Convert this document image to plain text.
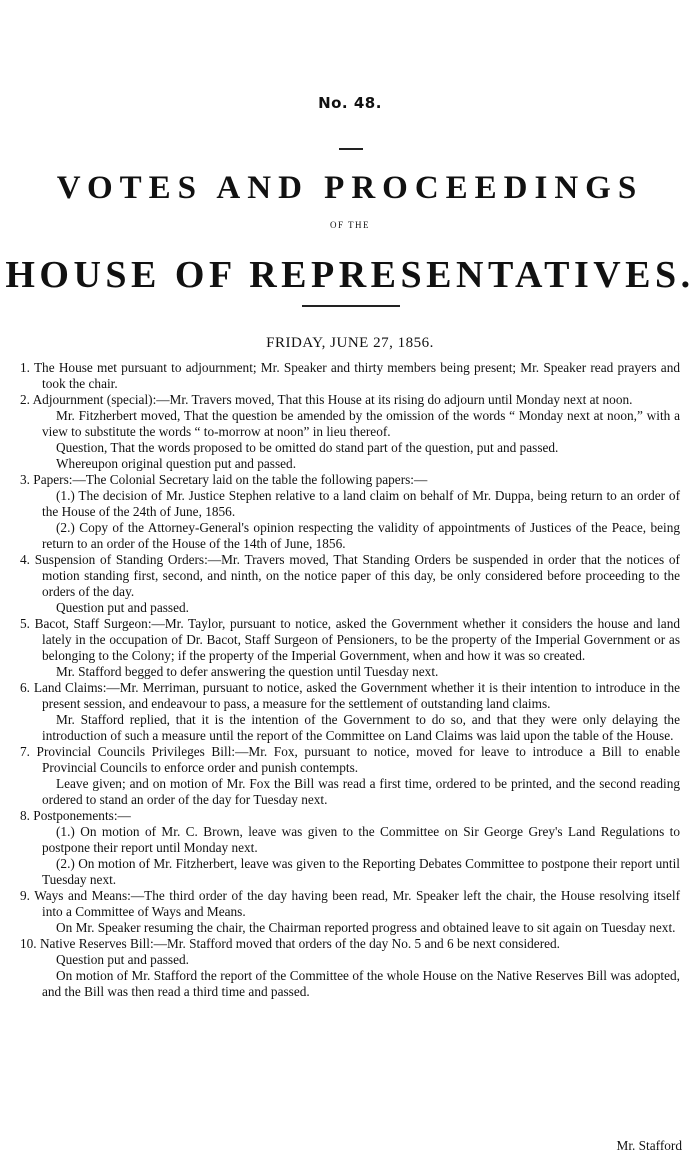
No. 48.
VOTES AND PROCEEDINGS
OF THE
HOUSE OF REPRESENTATIVES.
FRIDAY, JUNE 27, 1856.

1. The House met pursuant to adjournment; Mr. Speaker and thirty members being present; Mr. Speaker read prayers and took the chair.

2. Adjournment (special):—Mr. Travers moved, That this House at its rising do adjourn until Monday next at noon.

Mr. Fitzherbert moved, That the question be amended by the omission of the words “ Monday next at noon,” with a view to substitute the words “ to-morrow at noon” in lieu thereof.

Question, That the words proposed to be omitted do stand part of the question, put and passed.

Whereupon original question put and passed.

3. Papers:—The Colonial Secretary laid on the table the following papers:—

(1.) The decision of Mr. Justice Stephen relative to a land claim on behalf of Mr. Duppa, being return to an order of the House of the 24th of June, 1856.

(2.) Copy of the Attorney-General's opinion respecting the validity of appointments of Justices of the Peace, being return to an order of the House of the 14th of June, 1856.

4. Suspension of Standing Orders:—Mr. Travers moved, That Standing Orders be suspended in order that the notices of motion standing first, second, and ninth, on the notice paper of this day, be only considered before proceeding to the orders of the day.

Question put and passed.

5. Bacot, Staff Surgeon:—Mr. Taylor, pursuant to notice, asked the Government whether it considers the house and land lately in the occupation of Dr. Bacot, Staff Surgeon of Pensioners, to be the property of the Imperial Government or as belonging to the Colony; if the property of the Imperial Government, when and how it was so created.

Mr. Stafford begged to defer answering the question until Tuesday next.

6. Land Claims:—Mr. Merriman, pursuant to notice, asked the Government whether it is their intention to introduce in the present session, and endeavour to pass, a measure for the settlement of outstanding land claims.

Mr. Stafford replied, that it is the intention of the Government to do so, and that they were only delaying the introduction of such a measure until the report of the Committee on Land Claims was laid upon the table of the House.

7. Provincial Councils Privileges Bill:—Mr. Fox, pursuant to notice, moved for leave to introduce a Bill to enable Provincial Councils to enforce order and punish contempts.

Leave given; and on motion of Mr. Fox the Bill was read a first time, ordered to be printed, and the second reading ordered to stand an order of the day for Tuesday next.

8. Postponements:—

(1.) On motion of Mr. C. Brown, leave was given to the Committee on Sir George Grey's Land Regulations to postpone their report until Monday next.

(2.) On motion of Mr. Fitzherbert, leave was given to the Reporting Debates Committee to postpone their report until Tuesday next.

9. Ways and Means:—The third order of the day having been read, Mr. Speaker left the chair, the House resolving itself into a Committee of Ways and Means.

On Mr. Speaker resuming the chair, the Chairman reported progress and obtained leave to sit again on Tuesday next.

10. Native Reserves Bill:—Mr. Stafford moved that orders of the day No. 5 and 6 be next considered.

Question put and passed.

On motion of Mr. Stafford the report of the Committee of the whole House on the Native Reserves Bill was adopted, and the Bill was then read a third time and passed.

Mr. Stafford
